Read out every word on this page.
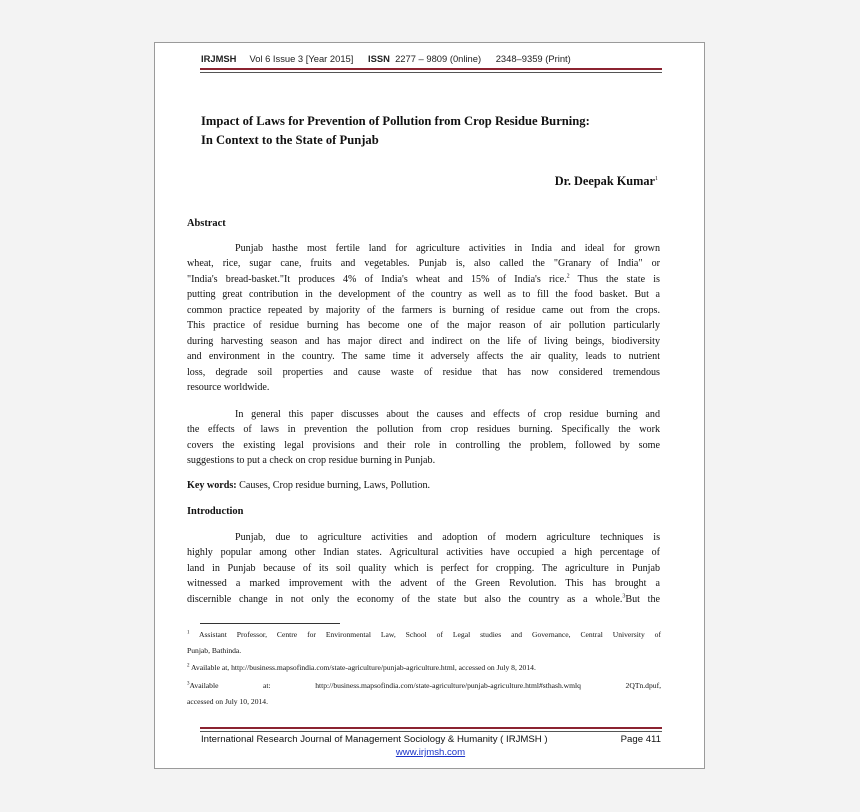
IRJMSH Vol 6 Issue 3 [Year 2015] ISSN 2277 – 9809 (0nline) 2348–9359 (Print)
Impact of Laws for Prevention of Pollution from Crop Residue Burning:
In Context to the State of Punjab
Dr. Deepak Kumar$^1$
Abstract
Punjab hasthe most fertile land for agriculture activities in India and ideal for grown
wheat, rice, sugar cane, fruits and vegetables. Punjab is, also called the "Granary of India" or
"India's bread-basket."It produces 4% of India's wheat and 15% of India's rice.$^2$ Thus the state is
putting great contribution in the development of the country as well as to fill the food basket. But a
common practice repeated by majority of the farmers is burning of residue came out from the crops.
This practice of residue burning has become one of the major reason of air pollution particularly
during harvesting season and has major direct and indirect on the life of living beings, biodiversity
and environment in the country. The same time it adversely affects the air quality, leads to nutrient
loss, degrade soil properties and cause waste of residue that has now considered tremendous
resource worldwide.
In general this paper discusses about the causes and effects of crop residue burning and
the effects of laws in prevention the pollution from crop residues burning. Specifically the work
covers the existing legal provisions and their role in controlling the problem, followed by some
suggestions to put a check on crop residue burning in Punjab.
Key words: Causes, Crop residue burning, Laws, Pollution.
Introduction
Punjab, due to agriculture activities and adoption of modern agriculture techniques is
highly popular among other Indian states. Agricultural activities have occupied a high percentage of
land in Punjab because of its soil quality which is perfect for cropping. The agriculture in Punjab
witnessed a marked improvement with the advent of the Green Revolution. This has brought a
discernible change in not only the economy of the state but also the country as a whole.$^3$But the
$^1$ Assistant Professor, Centre for Environmental Law, School of Legal studies and Governance, Central University of
Punjab, Bathinda.
$^2$ Available at, http://business.mapsofindia.com/state-agriculture/punjab-agriculture.html, accessed on July 8, 2014.
$^3$Available at: http://business.mapsofindia.com/state-agriculture/punjab-agriculture.html#sthash.wmlq 2QTn.dpuf,
accessed on July 10, 2014.
International Research Journal of Management Sociology & Humanity ( IRJMSH )	Page 411
www.irjmsh.com
